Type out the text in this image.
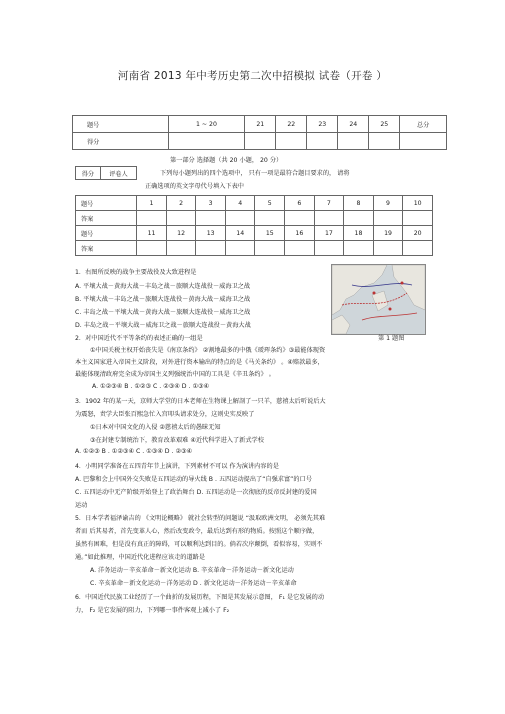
河南省 2013 年中考历史第二次中招模拟 试卷（开卷 ）
题号	1 ~ 20	21	22	23	24	25	总分
得分							
第一部分 选择题（共 20 小题， 20 分）
得分	评卷人	下列每小题列出的四个选项中， 只有一项是最符合题目要求的， 请将
正确选项的英文字母代号填入下表中
题号	1	2	3	4	5	6	7	8	9	10
答案										
题号	11	12	13	14	15	16	17	18	19	20
答案										
第 1 题图
1．右图所反映的战争主要战役及大致进程是
A. 平壤大战－黄海大战－丰岛之战－旅顺大连战役－威海卫之战
B. 平壤大战－丰岛之战－旅顺大连战役－黄海大战－威海卫之战
C. 丰岛之战－平壤大战－黄海大战－旅顺大连战役－威海卫之战
D. 丰岛之战－平壤大战－威海卫之战－旅顺大连战役－黄海大战
2．对中国近代不平等条约的表述正确的一组是
①中国关税主权开始丧失是《南京条约》 ②割地最多的中俄《瑷珲条约》③最能体现资
本主义国家进入帝国主义阶段，对外进行资本输出的特点的是《马关条约》 。④赔款最多，
最能体现清政府完全成为帝国主义列强统治中国的工具是《辛丑条约》 。
A. ①②③④ B . ①②③ C . ②③④ D . ①③④
3．1902 年的某一天，京师大学堂的日本老师在生物课上解剖了一只羊，慈禧太后听说后大
为震怒，责学大臣张百熙急忙入宫叩头请求处分，这则史实反映了
①日本对中国文化的入侵 ②慈禧太后的愚昧无知
③在封建专制统治下，教育改革艰难 ④近代科学进入了新式学校
A. ①②③ B . ①②③④ C . ①③④ D . ②③④
4．小明同学准备在五四青年节上演讲，下列素材不可以 作为演讲内容的是
A. 巴黎和会上中国外交失败是五四运动的导火线 B . 五四运动提出了“自强求富”的口号
C. 五四运动中无产阶级开始登上了政治舞台 D. 五四运动是一次彻底的反帝反封建的爱国
运动
5．日本学者福泽谕吉的 《文明论概略》 就社会转型的问题说 “汲取欧洲文明， 必须先其难
者而 后其易者，首先变革人心，然后改变政令，最后达到有形的物质。按照这个顺序做，
虽然有困难，但是没有真正的障碍，可以顺利达到目的。倘若次序颠倒，看似容易，实则不
通。”如此推理，中国近代化进程应该走的道路是
A. 洋务运动－辛亥革命－新文化运动 B. 辛亥革命－洋务运动－新文化运动
C. 辛亥革命－新文化运动－洋务运动 D . 新文化运动－洋务运动－辛亥革命
6．中国近代民族工业经历了一个曲折的发展历程，下图是其发展示意图， F₁ 是它发展的动
力， F₂ 是它发展的阻力，下列哪一事件客观上减小了 F₂
